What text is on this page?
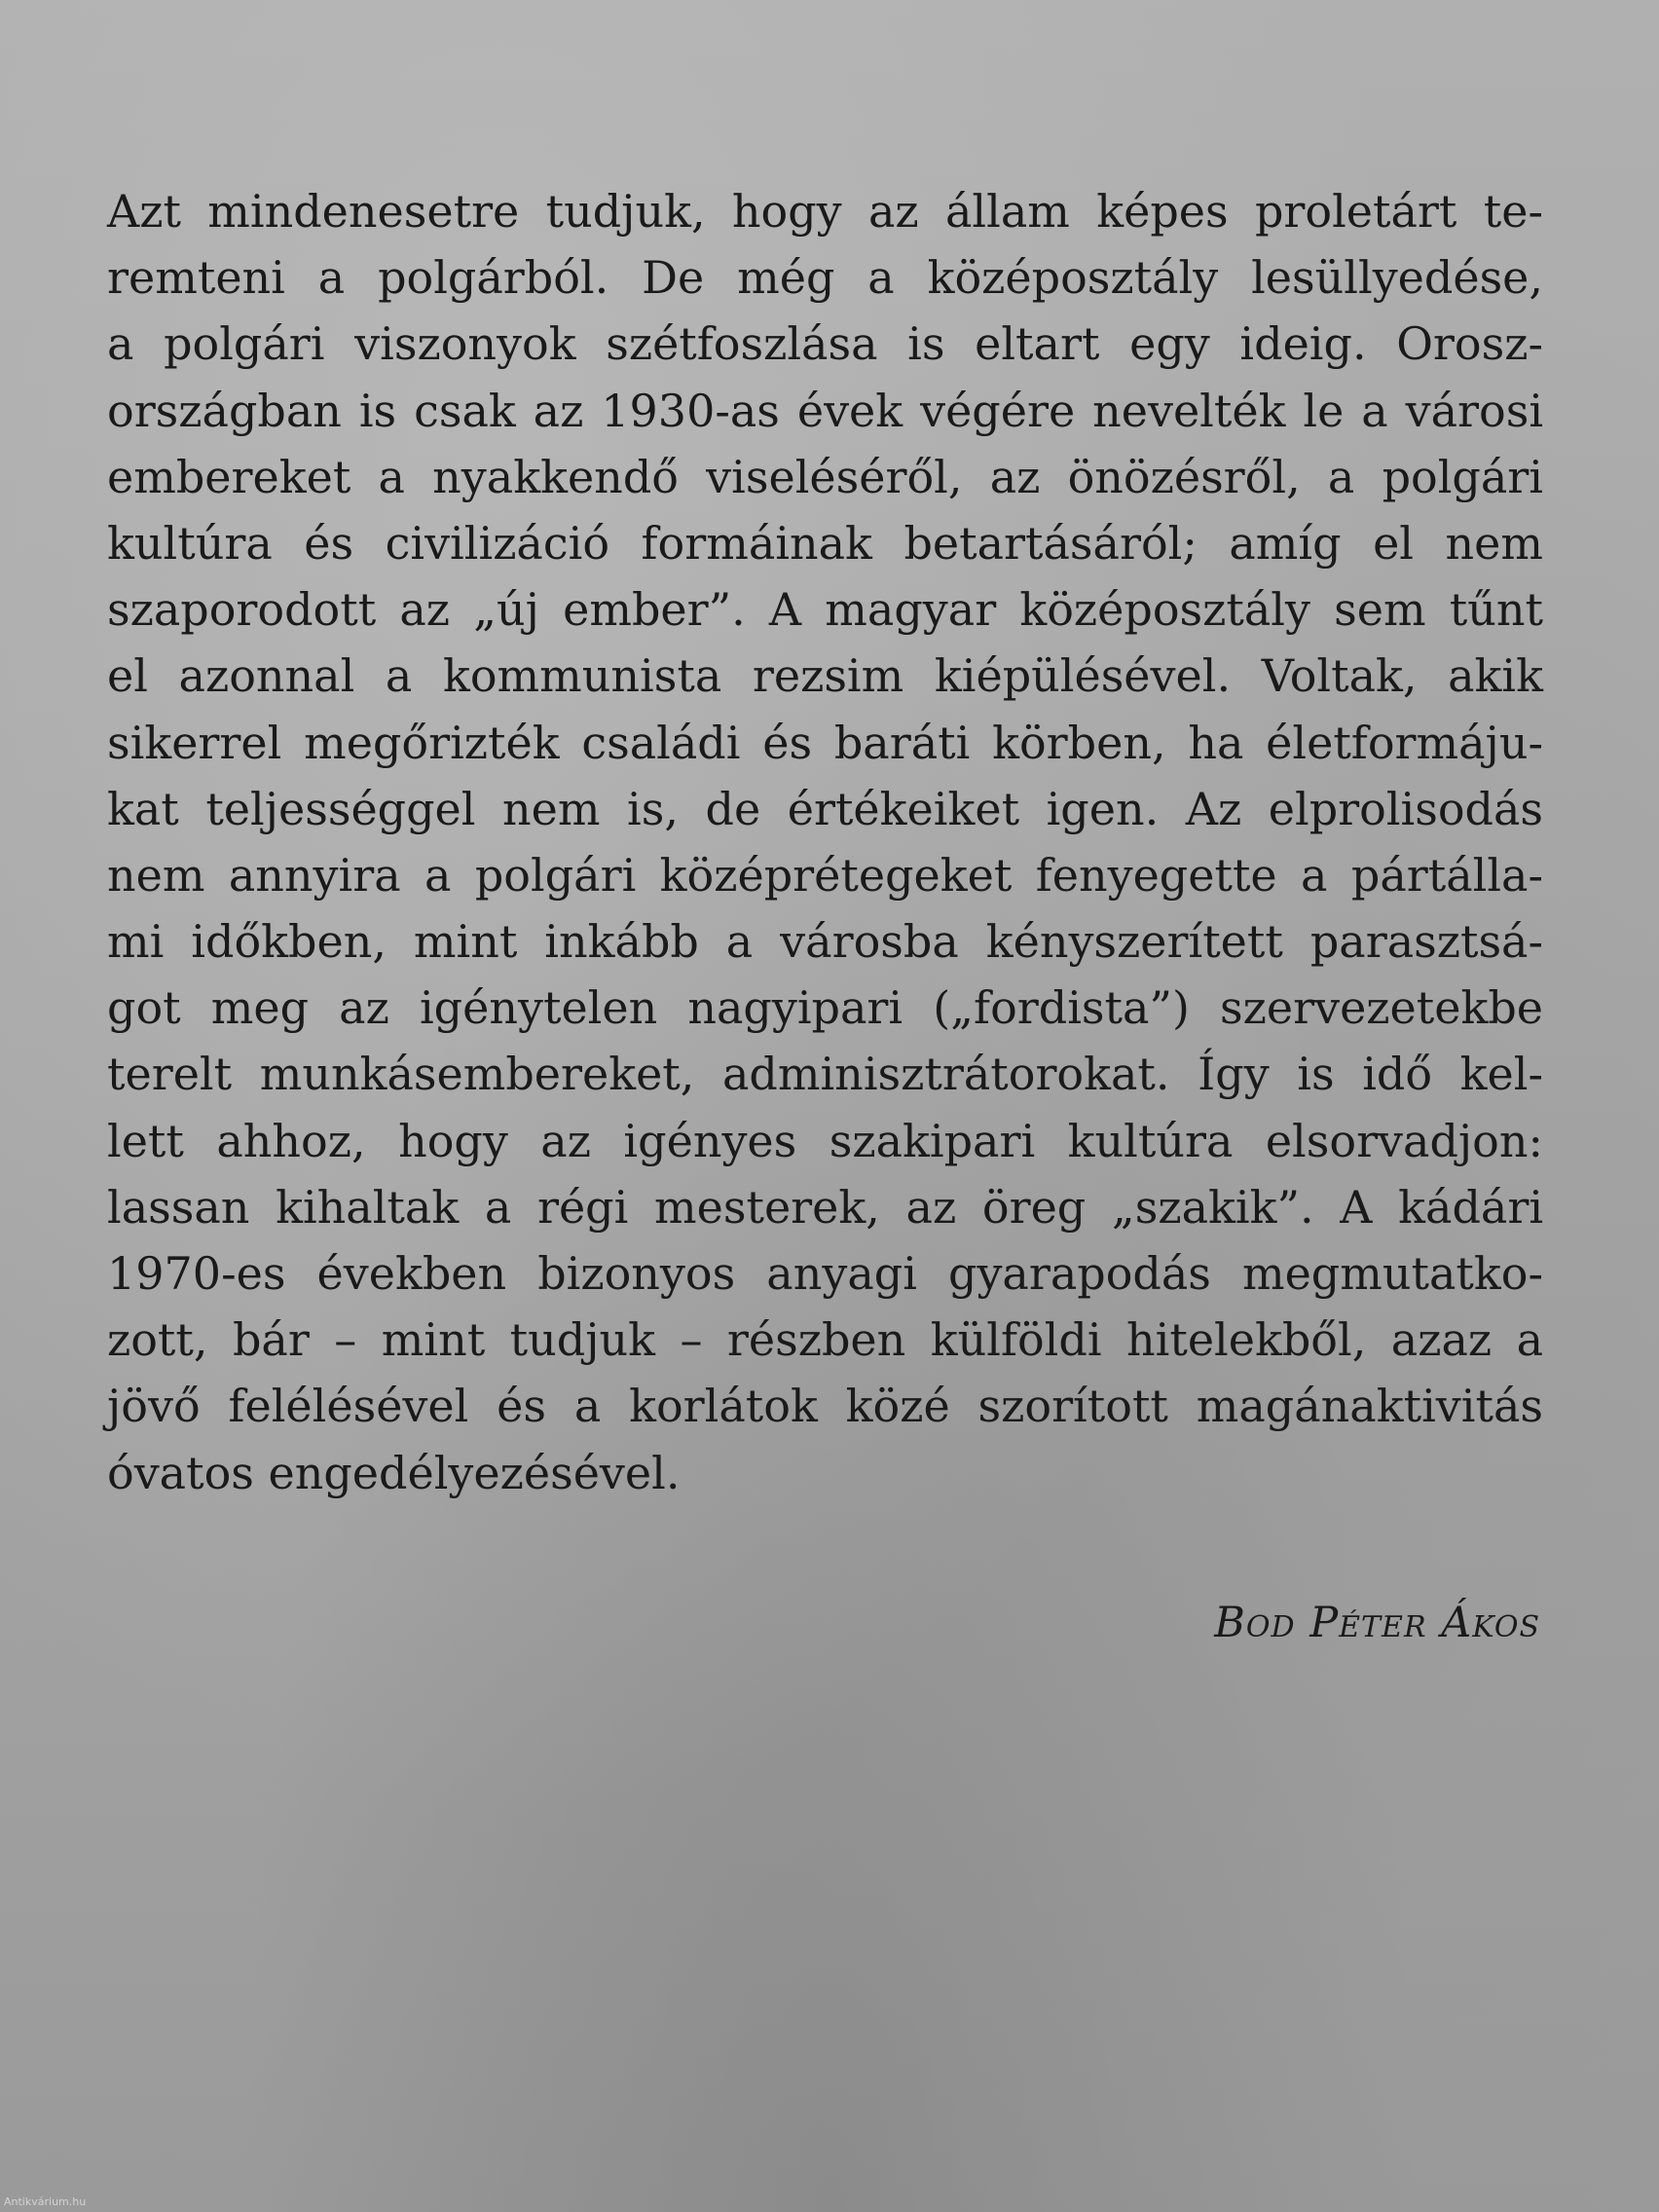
Azt mindenesetre tudjuk, hogy az állam képes proletárt te-
remteni a polgárból. De még a középosztály lesüllyedése,
a polgári viszonyok szétfoszlása is eltart egy ideig. Orosz-
országban is csak az 1930-as évek végére nevelték le a városi
embereket a nyakkendő viseléséről, az önözésről, a polgári
kultúra és civilizáció formáinak betartásáról; amíg el nem
szaporodott az „új ember”. A magyar középosztály sem tűnt
el azonnal a kommunista rezsim kiépülésével. Voltak, akik
sikerrel megőrizték családi és baráti körben, ha életformáju-
kat teljességgel nem is, de értékeiket igen. Az elprolisodás
nem annyira a polgári középrétegeket fenyegette a pártálla-
mi időkben, mint inkább a városba kényszerített parasztsá-
got meg az igénytelen nagyipari („fordista”) szervezetekbe
terelt munkásembereket, adminisztrátorokat. Így is idő kel-
lett ahhoz, hogy az igényes szakipari kultúra elsorvadjon:
lassan kihaltak a régi mesterek, az öreg „szakik”. A kádári
1970-es években bizonyos anyagi gyarapodás megmutatko-
zott, bár – mint tudjuk – részben külföldi hitelekből, azaz a
jövő felélésével és a korlátok közé szorított magánaktivitás
óvatos engedélyezésével.
Bod Péter Ákos
Antikvárium.hu
